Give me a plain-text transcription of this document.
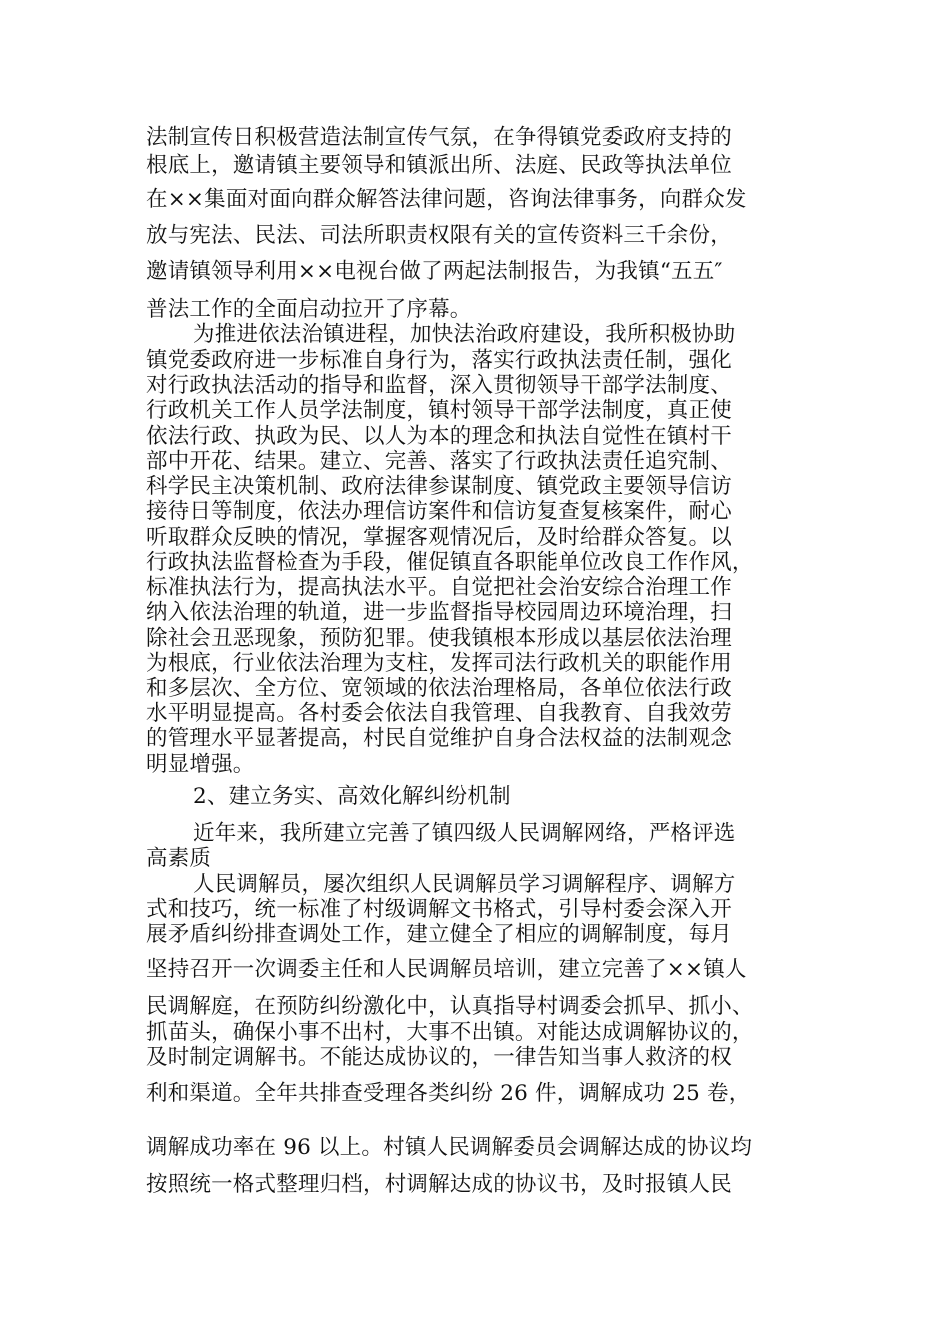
法制宣传日积极营造法制宣传气氛，在争得镇党委政府支持的
根底上，邀请镇主要领导和镇派出所、法庭、民政等执法单位
在××集面对面向群众解答法律问题，咨询法律事务，向群众发
放与宪法、民法、司法所职责权限有关的宣传资料三千余份，
邀请镇领导利用××电视台做了两起法制报告，为我镇“五五″
普法工作的全面启动拉开了序幕。
为推进依法治镇进程，加快法治政府建设，我所积极协助
镇党委政府进一步标准自身行为，落实行政执法责任制，强化
对行政执法活动的指导和监督，深入贯彻领导干部学法制度、
行政机关工作人员学法制度，镇村领导干部学法制度，真正使
依法行政、执政为民、以人为本的理念和执法自觉性在镇村干
部中开花、结果。建立、完善、落实了行政执法责任追究制、
科学民主决策机制、政府法律参谋制度、镇党政主要领导信访
接待日等制度，依法办理信访案件和信访复查复核案件，耐心
听取群众反映的情况，掌握客观情况后，及时给群众答复。以
行政执法监督检查为手段，催促镇直各职能单位改良工作作风，
标准执法行为，提高执法水平。自觉把社会治安综合治理工作
纳入依法治理的轨道，进一步监督指导校园周边环境治理，扫
除社会丑恶现象，预防犯罪。使我镇根本形成以基层依法治理
为根底，行业依法治理为支柱，发挥司法行政机关的职能作用
和多层次、全方位、宽领域的依法治理格局，各单位依法行政
水平明显提高。各村委会依法自我管理、自我教育、自我效劳
的管理水平显著提高，村民自觉维护自身合法权益的法制观念
明显增强。
2、建立务实、高效化解纠纷机制
近年来，我所建立完善了镇四级人民调解网络，严格评选
高素质
人民调解员，屡次组织人民调解员学习调解程序、调解方
式和技巧，统一标准了村级调解文书格式，引导村委会深入开
展矛盾纠纷排查调处工作，建立健全了相应的调解制度，每月
坚持召开一次调委主任和人民调解员培训，建立完善了××镇人
民调解庭，在预防纠纷激化中，认真指导村调委会抓早、抓小、
抓苗头，确保小事不出村，大事不出镇。对能达成调解协议的，
及时制定调解书。不能达成协议的，一律告知当事人救济的权
利和渠道。全年共排查受理各类纠纷 26 件，调解成功 25 卷，
调解成功率在 96 以上。村镇人民调解委员会调解达成的协议均
按照统一格式整理归档，村调解达成的协议书，及时报镇人民
